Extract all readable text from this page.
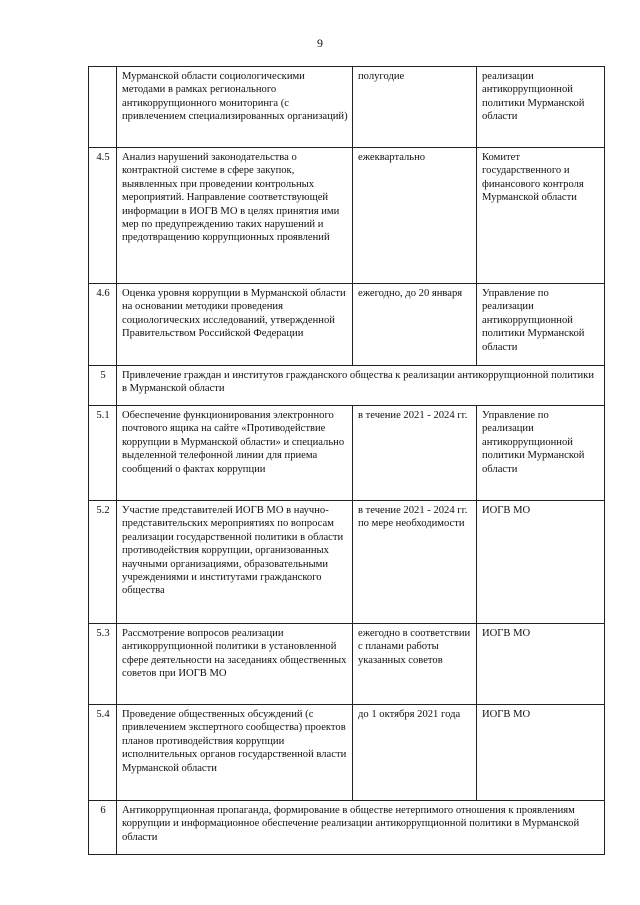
9
	Мурманской области социологическими методами в рамках регионального антикоррупционного мониторинга (с привлечением специализированных организаций)	полугодие	реализации антикоррупционной политики Мурманской области
4.5	Анализ нарушений законодательства о контрактной системе в сфере закупок, выявленных при проведении контрольных мероприятий. Направление соответствующей информации в ИОГВ МО в целях принятия ими мер по предупреждению таких нарушений и предотвращению коррупционных проявлений	ежеквартально	Комитет государственного и финансового контроля Мурманской области
4.6	Оценка уровня коррупции в Мурманской области на основании методики проведения социологических исследований, утвержденной Правительством Российской Федерации	ежегодно, до 20 января	Управление по реализации антикоррупционной политики Мурманской области
5	Привлечение граждан и институтов гражданского общества к реализации антикоррупционной политики в Мурманской области		
5.1	Обеспечение функционирования электронного почтового ящика на сайте «Противодействие коррупции в Мурманской области» и специально выделенной телефонной линии для приема сообщений о фактах коррупции	в течение 2021 - 2024 гг.	Управление по реализации антикоррупционной политики Мурманской области
5.2	Участие представителей ИОГВ МО в научно-представительских мероприятиях по вопросам реализации государственной политики в области противодействия коррупции, организованных научными организациями, образовательными учреждениями и институтами гражданского общества	в течение 2021 - 2024 гг. по мере необходимости	ИОГВ МО
5.3	Рассмотрение вопросов реализации антикоррупционной политики в установленной сфере деятельности на заседаниях общественных советов при ИОГВ МО	ежегодно в соответствии с планами работы указанных советов	ИОГВ МО
5.4	Проведение общественных обсуждений (с привлечением экспертного сообщества) проектов планов противодействия коррупции исполнительных органов государственной власти Мурманской области	до 1 октября 2021 года	ИОГВ МО
6	Антикоррупционная пропаганда, формирование в обществе нетерпимого отношения к проявлениям коррупции и информационное обеспечение реализации антикоррупционной политики в Мурманской области		
